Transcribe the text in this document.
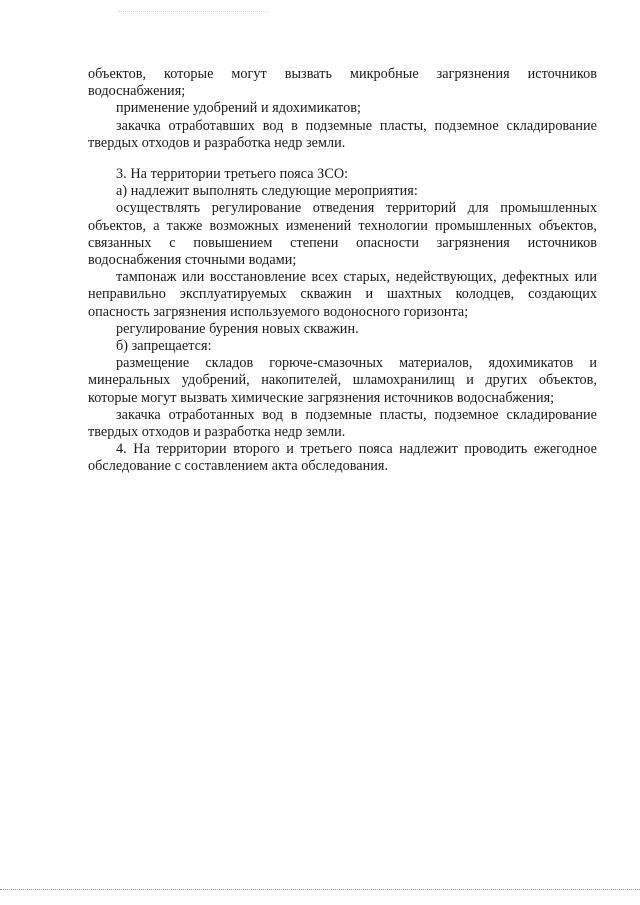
объектов, которые могут вызвать микробные загрязнения источников водоснабжения;

применение удобрений и ядохимикатов;

закачка отработавших вод в подземные пласты, подземное складирование твердых отходов и разработка недр земли.

3. На территории третьего пояса ЗСО:

а) надлежит выполнять следующие мероприятия:

осуществлять регулирование отведения территорий для промышленных объектов, а также возможных изменений технологии промышленных объектов, связанных с повышением степени опасности загрязнения источников водоснабжения сточными водами;

тампонаж или восстановление всех старых, недействующих, дефектных или неправильно эксплуатируемых скважин и шахтных колодцев, создающих опасность загрязнения используемого водоносного горизонта;

регулирование бурения новых скважин.

б) запрещается:

размещение складов горюче-смазочных материалов, ядохимикатов и минеральных удобрений, накопителей, шламохранилищ и других объектов, которые могут вызвать химические загрязнения источников водоснабжения;

закачка отработанных вод в подземные пласты, подземное складирование твердых отходов и разработка недр земли.

4. На территории второго и третьего пояса надлежит проводить ежегодное обследование с составлением акта обследования.
